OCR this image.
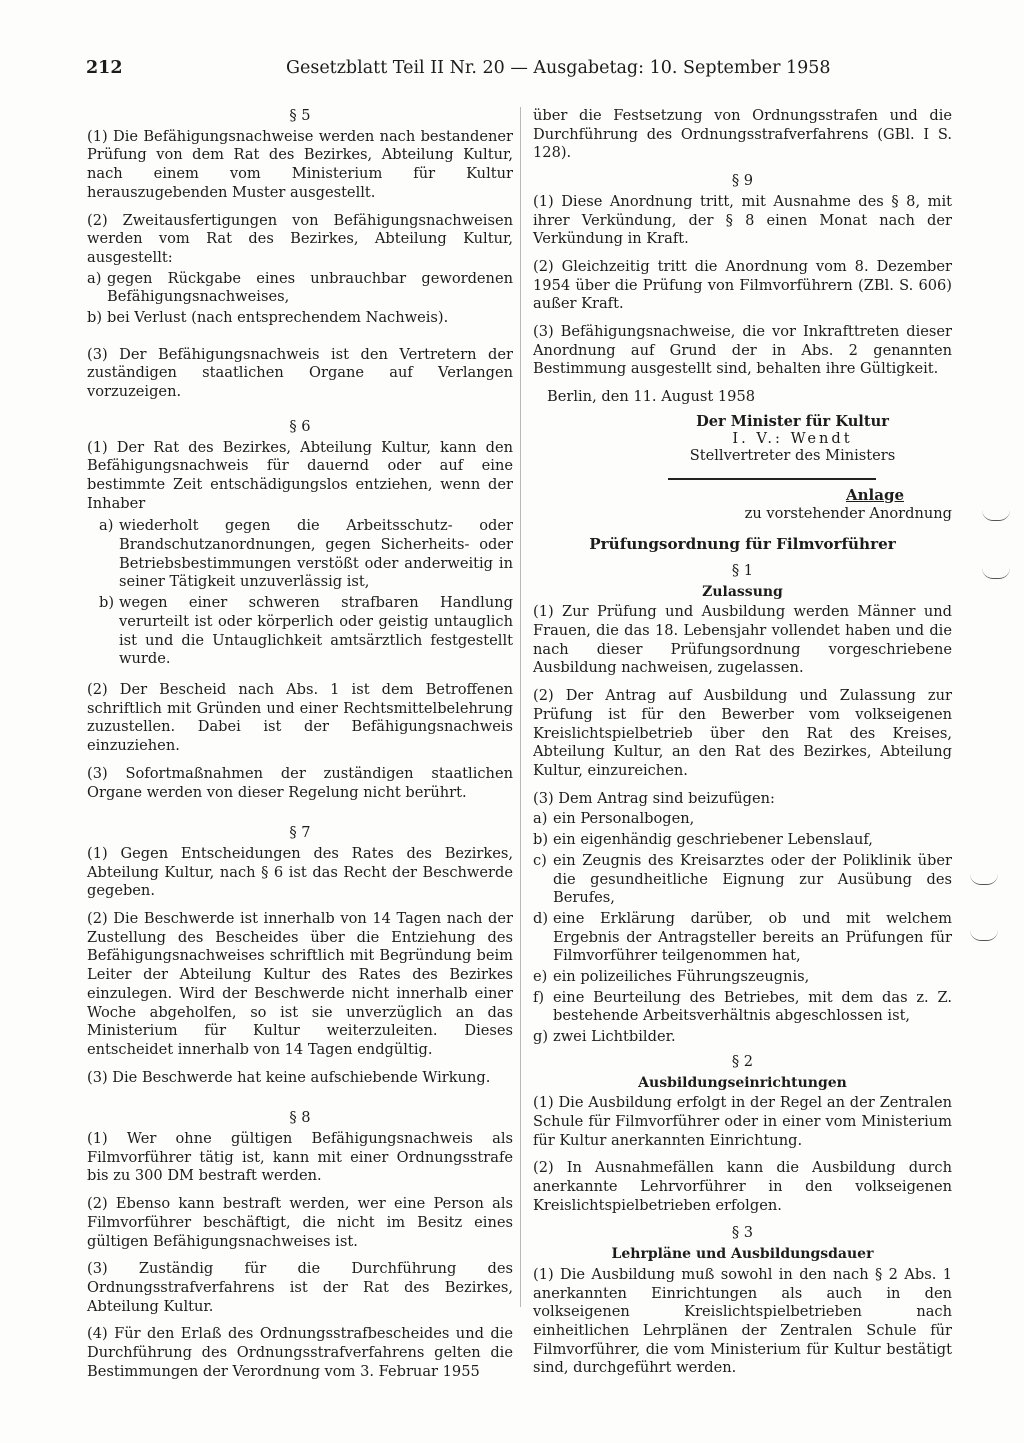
212	Gesetzblatt Teil II Nr. 20 — Ausgabetag: 10. September 1958
§ 5

(1) Die Befähigungsnachweise werden nach bestandener Prüfung von dem Rat des Bezirkes, Abteilung Kultur, nach einem vom Ministerium für Kultur herauszugebenden Muster ausgestellt.

(2) Zweitausfertigungen von Befähigungsnachweisen werden vom Rat des Bezirkes, Abteilung Kultur, ausgestellt:

a) gegen Rückgabe eines unbrauchbar gewordenen Befähigungsnachweises,
b) bei Verlust (nach entsprechendem Nachweis).

(3) Der Befähigungsnachweis ist den Vertretern der zuständigen staatlichen Organe auf Verlangen vorzuzeigen.

§ 6

(1) Der Rat des Bezirkes, Abteilung Kultur, kann den Befähigungsnachweis für dauernd oder auf eine bestimmte Zeit entschädigungslos entziehen, wenn der Inhaber

a) wiederholt gegen die Arbeitsschutz- oder Brandschutzanordnungen, gegen Sicherheits- oder Betriebsbestimmungen verstößt oder anderweitig in seiner Tätigkeit unzuverlässig ist,
b) wegen einer schweren strafbaren Handlung verurteilt ist oder körperlich oder geistig untauglich ist und die Untauglichkeit amtsärztlich festgestellt wurde.

(2) Der Bescheid nach Abs. 1 ist dem Betroffenen schriftlich mit Gründen und einer Rechtsmittelbelehrung zuzustellen. Dabei ist der Befähigungsnachweis einzuziehen.

(3) Sofortmaßnahmen der zuständigen staatlichen Organe werden von dieser Regelung nicht berührt.

§ 7

(1) Gegen Entscheidungen des Rates des Bezirkes, Abteilung Kultur, nach § 6 ist das Recht der Beschwerde gegeben.

(2) Die Beschwerde ist innerhalb von 14 Tagen nach der Zustellung des Bescheides über die Entziehung des Befähigungsnachweises schriftlich mit Begründung beim Leiter der Abteilung Kultur des Rates des Bezirkes einzulegen. Wird der Beschwerde nicht innerhalb einer Woche abgeholfen, so ist sie unverzüglich an das Ministerium für Kultur weiterzuleiten. Dieses entscheidet innerhalb von 14 Tagen endgültig.

(3) Die Beschwerde hat keine aufschiebende Wirkung.

§ 8

(1) Wer ohne gültigen Befähigungsnachweis als Filmvorführer tätig ist, kann mit einer Ordnungsstrafe bis zu 300 DM bestraft werden.

(2) Ebenso kann bestraft werden, wer eine Person als Filmvorführer beschäftigt, die nicht im Besitz eines gültigen Befähigungsnachweises ist.

(3) Zuständig für die Durchführung des Ordnungsstrafverfahrens ist der Rat des Bezirkes, Abteilung Kultur.

(4) Für den Erlaß des Ordnungsstrafbescheides und die Durchführung des Ordnungsstrafverfahrens gelten die Bestimmungen der Verordnung vom 3. Februar 1955

über die Festsetzung von Ordnungsstrafen und die Durchführung des Ordnungsstrafverfahrens (GBl. I S. 128).

§ 9

(1) Diese Anordnung tritt, mit Ausnahme des § 8, mit ihrer Verkündung, der § 8 einen Monat nach der Verkündung in Kraft.

(2) Gleichzeitig tritt die Anordnung vom 8. Dezember 1954 über die Prüfung von Filmvorführern (ZBl. S. 606) außer Kraft.

(3) Befähigungsnachweise, die vor Inkrafttreten dieser Anordnung auf Grund der in Abs. 2 genannten Bestimmung ausgestellt sind, behalten ihre Gültigkeit.

Berlin, den 11. August 1958
Der Minister für Kultur
I. V.: Wendt
Stellvertreter des Ministers
Anlage
zu vorstehender Anordnung
Prüfungsordnung für Filmvorführer
§ 1
Zulassung

(1) Zur Prüfung und Ausbildung werden Männer und Frauen, die das 18. Lebensjahr vollendet haben und die nach dieser Prüfungsordnung vorgeschriebene Ausbildung nachweisen, zugelassen.

(2) Der Antrag auf Ausbildung und Zulassung zur Prüfung ist für den Bewerber vom volkseigenen Kreislichtspielbetrieb über den Rat des Kreises, Abteilung Kultur, an den Rat des Bezirkes, Abteilung Kultur, einzureichen.

(3) Dem Antrag sind beizufügen:

a) ein Personalbogen,
b) ein eigenhändig geschriebener Lebenslauf,
c) ein Zeugnis des Kreisarztes oder der Poliklinik über die gesundheitliche Eignung zur Ausübung des Berufes,
d) eine Erklärung darüber, ob und mit welchem Ergebnis der Antragsteller bereits an Prüfungen für Filmvorführer teilgenommen hat,
e) ein polizeiliches Führungszeugnis,
f) eine Beurteilung des Betriebes, mit dem das z. Z. bestehende Arbeitsverhältnis abgeschlossen ist,
g) zwei Lichtbilder.
§ 2
Ausbildungseinrichtungen

(1) Die Ausbildung erfolgt in der Regel an der Zentralen Schule für Filmvorführer oder in einer vom Ministerium für Kultur anerkannten Einrichtung.

(2) In Ausnahmefällen kann die Ausbildung durch anerkannte Lehrvorführer in den volkseigenen Kreislichtspielbetrieben erfolgen.

§ 3
Lehrpläne und Ausbildungsdauer

(1) Die Ausbildung muß sowohl in den nach § 2 Abs. 1 anerkannten Einrichtungen als auch in den volkseigenen Kreislichtspielbetrieben nach einheitlichen Lehrplänen der Zentralen Schule für Filmvorführer, die vom Ministerium für Kultur bestätigt sind, durchgeführt werden.
